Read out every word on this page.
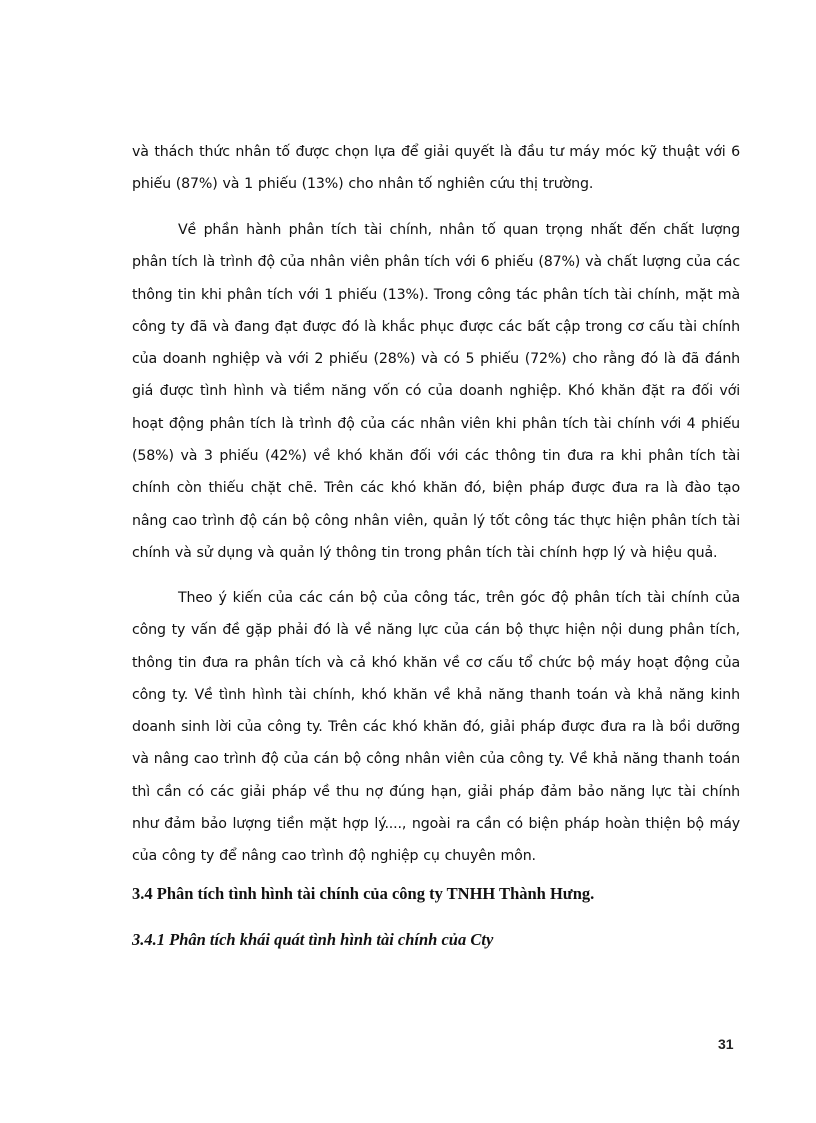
và thách thức nhân tố được chọn lựa để giải quyết là đầu tư máy móc kỹ thuật với 6 phiếu (87%) và 1 phiếu (13%) cho nhân tố nghiên cứu thị trường.

Về phần hành phân tích tài chính, nhân tố quan trọng nhất đến chất lượng phân tích là trình độ của nhân viên phân tích với 6 phiếu (87%) và chất lượng của các thông tin khi phân tích với 1 phiếu (13%). Trong công tác phân tích tài chính, mặt mà công ty đã và đang đạt được đó là khắc phục được các bất cập trong cơ cấu tài chính của doanh nghiệp và với 2 phiếu (28%) và có 5 phiếu (72%) cho rằng đó là đã đánh giá được tình hình và tiềm năng vốn có của doanh nghiệp. Khó khăn đặt ra đối với hoạt động phân tích là trình độ của các nhân viên khi phân tích tài chính với 4 phiếu (58%) và 3 phiếu (42%) về khó khăn đối với các thông tin đưa ra khi phân tích tài chính còn thiếu chặt chẽ. Trên các khó khăn đó, biện pháp được đưa ra là đào tạo nâng cao trình độ cán bộ công nhân viên, quản lý tốt công tác thực hiện phân tích tài chính và sử dụng và quản lý thông tin trong phân tích tài chính hợp lý và hiệu quả.

Theo ý kiến của các cán bộ của công tác, trên góc độ phân tích tài chính của công ty vấn đề gặp phải đó là về năng lực của cán bộ thực hiện nội dung phân tích, thông tin đưa ra phân tích và cả khó khăn về cơ cấu tổ chức bộ máy hoạt động của công ty. Về tình hình tài chính, khó khăn về khả năng thanh toán và khả năng kinh doanh sinh lời của công ty. Trên các khó khăn đó, giải pháp được đưa ra là bồi dưỡng và nâng cao trình độ của cán bộ công nhân viên của công ty. Về khả năng thanh toán thì cần có các giải pháp về thu nợ đúng hạn, giải pháp đảm bảo năng lực tài chính như đảm bảo lượng tiền mặt hợp lý...., ngoài ra cần có biện pháp hoàn thiện bộ máy của công ty để nâng cao trình độ nghiệp cụ chuyên môn.

3.4 Phân tích tình hình tài chính của công ty TNHH Thành Hưng.
3.4.1 Phân tích khái quát tình hình tài chính của Cty

31
